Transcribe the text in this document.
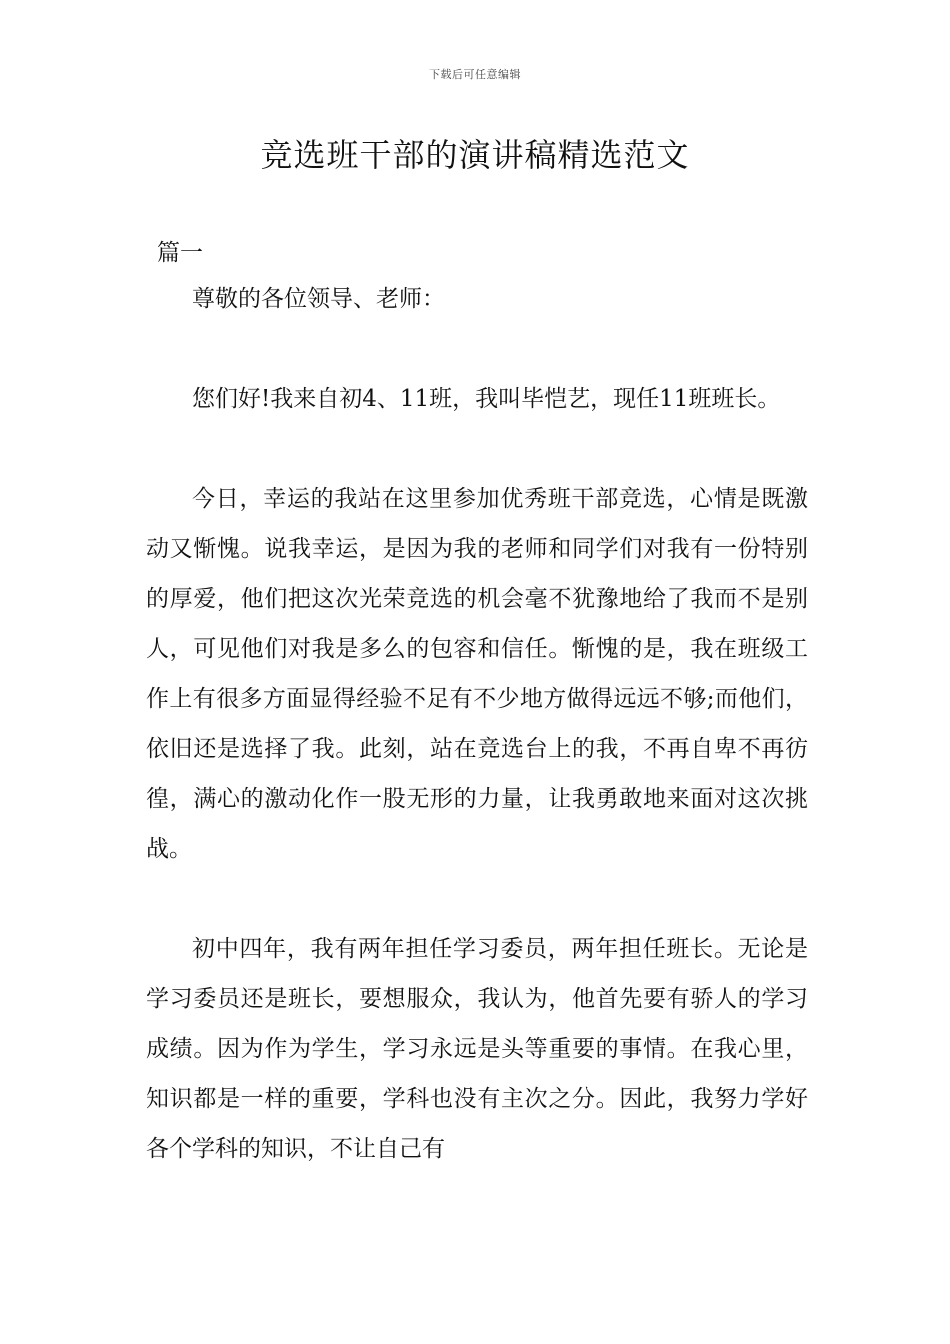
下载后可任意编辑
竞选班干部的演讲稿精选范文
篇一

尊敬的各位领导、老师：

您们好!我来自初4、11班，我叫毕恺艺，现任11班班长。

今日，幸运的我站在这里参加优秀班干部竞选，心情是既激动又惭愧。说我幸运，是因为我的老师和同学们对我有一份特别的厚爱，他们把这次光荣竞选的机会毫不犹豫地给了我而不是别人，可见他们对我是多么的包容和信任。惭愧的是，我在班级工作上有很多方面显得经验不足有不少地方做得远远不够;而他们，依旧还是选择了我。此刻，站在竞选台上的我，不再自卑不再彷徨，满心的激动化作一股无形的力量，让我勇敢地来面对这次挑战。

初中四年，我有两年担任学习委员，两年担任班长。无论是学习委员还是班长，要想服众，我认为，他首先要有骄人的学习成绩。因为作为学生，学习永远是头等重要的事情。在我心里，知识都是一样的重要，学科也没有主次之分。因此，我努力学好各个学科的知识，不让自己有
